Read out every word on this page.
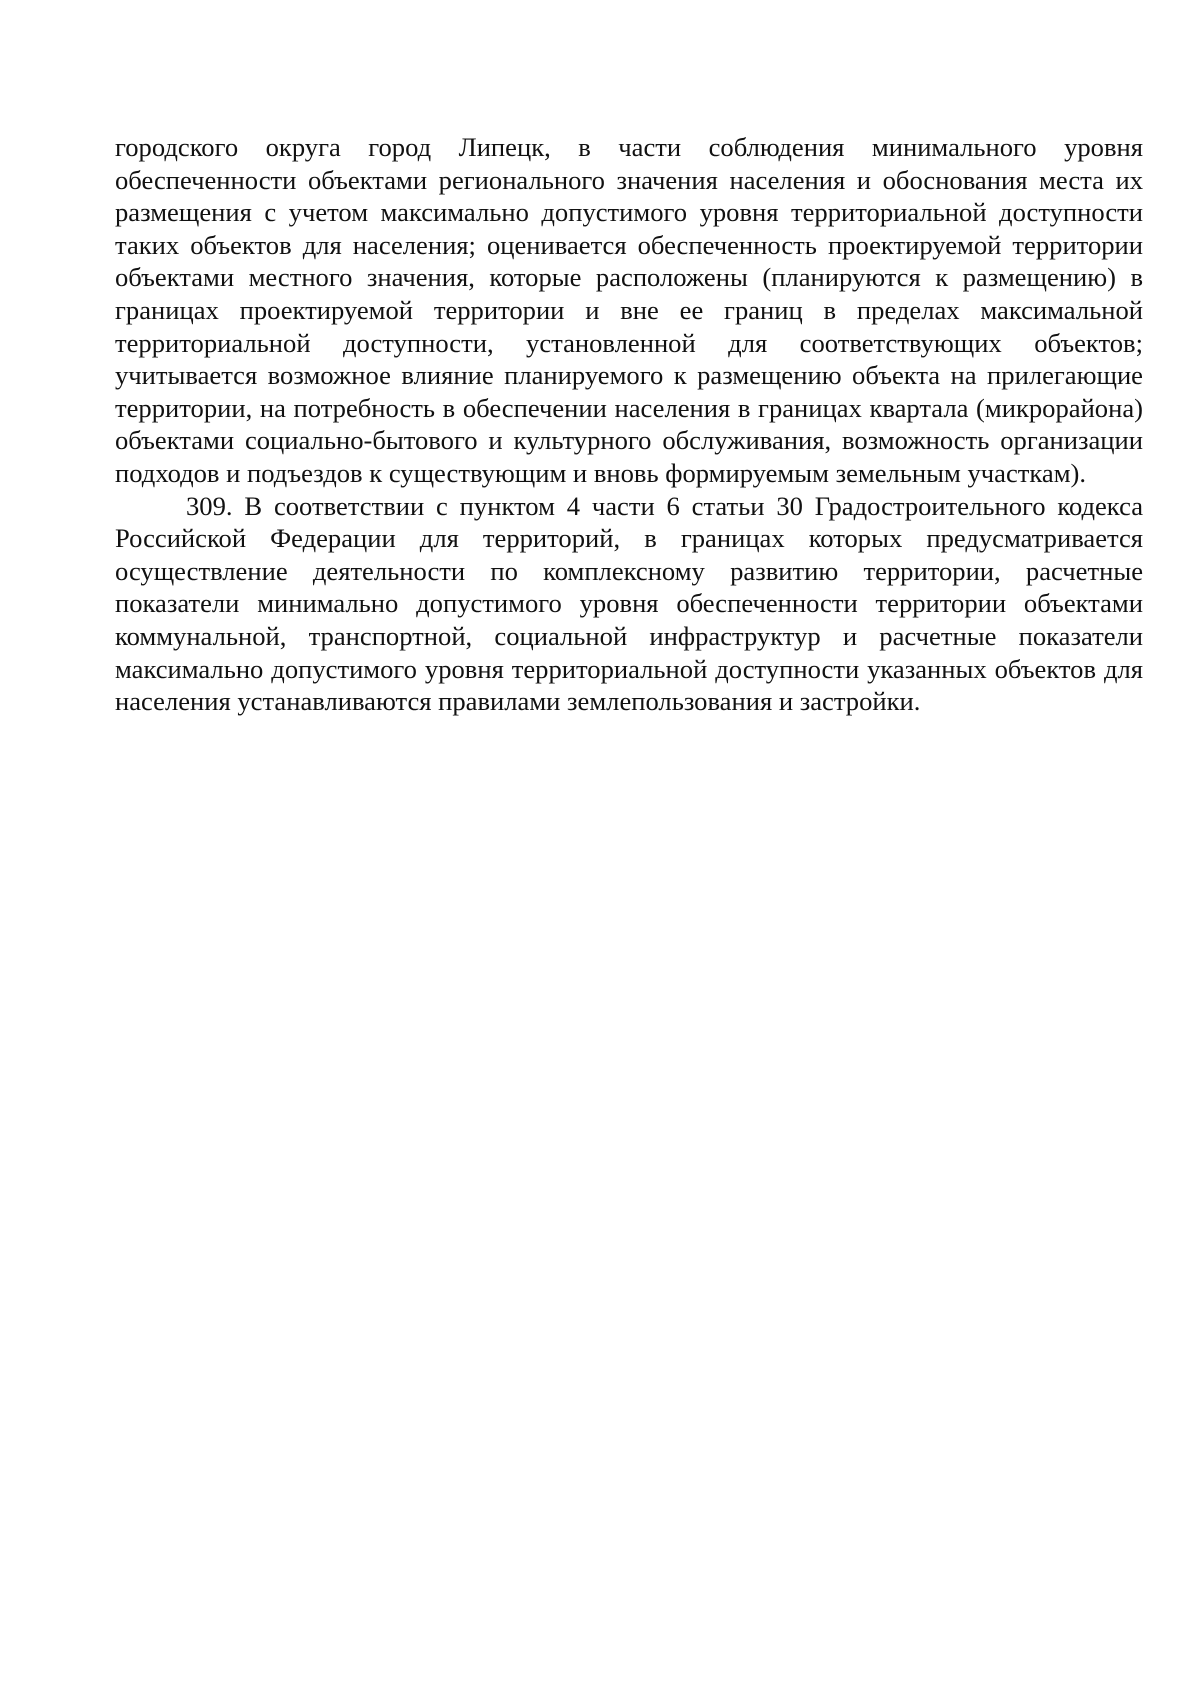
городского округа город Липецк, в части соблюдения минимального уровня обеспеченности объектами регионального значения населения и обоснования места их размещения с учетом максимально допустимого уровня территориальной доступности таких объектов для населения; оценивается обеспеченность проектируемой территории объектами местного значения, которые расположены (планируются к размещению) в границах проектируемой территории и вне ее границ в пределах максимальной территориальной доступности, установленной для соответствующих объектов; учитывается возможное влияние планируемого к размещению объекта на прилегающие территории, на потребность в обеспечении населения в границах квартала (микрорайона) объектами социально-бытового и культурного обслуживания, возможность организации подходов и подъездов к существующим и вновь формируемым земельным участкам).

309. В соответствии с пунктом 4 части 6 статьи 30 Градостроительного кодекса Российской Федерации для территорий, в границах которых предусматривается осуществление деятельности по комплексному развитию территории, расчетные показатели минимально допустимого уровня обеспеченности территории объектами коммунальной, транспортной, социальной инфраструктур и расчетные показатели максимально допустимого уровня территориальной доступности указанных объектов для населения устанавливаются правилами землепользования и застройки.
